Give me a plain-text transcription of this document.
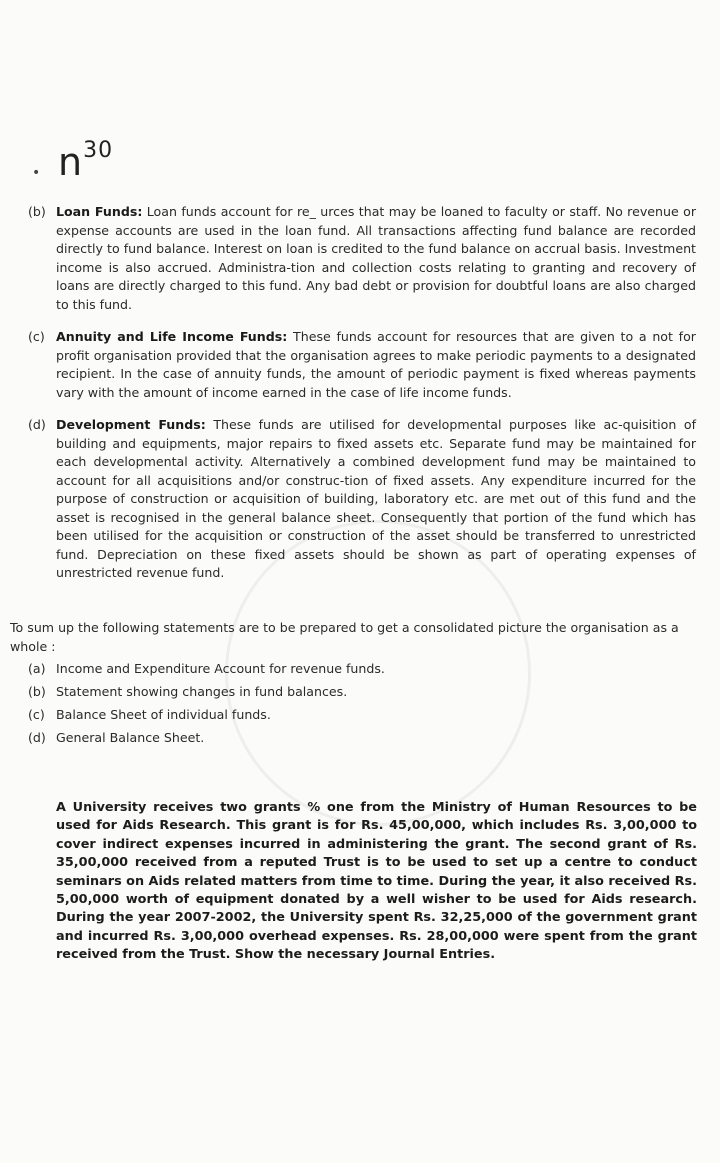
• $n^{30}$
(b) Loan Funds: Loan funds account for re_ urces that may be loaned to faculty or staff. No revenue or expense accounts are used in the loan fund. All transactions affecting fund balance are recorded directly to fund balance. Interest on loan is credited to the fund balance on accrual basis. Investment income is also accrued. Administra-tion and collection costs relating to granting and recovery of loans are directly charged to this fund. Any bad debt or provision for doubtful loans are also charged to this fund.
(c) Annuity and Life Income Funds: These funds account for resources that are given to a not for profit organisation provided that the organisation agrees to make periodic payments to a designated recipient. In the case of annuity funds, the amount of periodic payment is fixed whereas payments vary with the amount of income earned in the case of life income funds.
(d) Development Funds: These funds are utilised for developmental purposes like ac-quisition of building and equipments, major repairs to fixed assets etc. Separate fund may be maintained for each developmental activity. Alternatively a combined development fund may be maintained to account for all acquisitions and/or construc-tion of fixed assets. Any expenditure incurred for the purpose of construction or acquisition of building, laboratory etc. are met out of this fund and the asset is recognised in the general balance sheet. Consequently that portion of the fund which has been utilised for the acquisition or construction of the asset should be transferred to unrestricted fund. Depreciation on these fixed assets should be shown as part of operating expenses of unrestricted revenue fund.
To sum up the following statements are to be prepared to get a consolidated picture the organisation as a whole :
(a) Income and Expenditure Account for revenue funds.
(b) Statement showing changes in fund balances.
(c) Balance Sheet of individual funds.
(d) General Balance Sheet.
A University receives two grants % one from the Ministry of Human Resources to be used for Aids Research. This grant is for Rs. 45,00,000, which includes Rs. 3,00,000 to cover indirect expenses incurred in administering the grant. The second grant of Rs. 35,00,000 received from a reputed Trust is to be used to set up a centre to conduct seminars on Aids related matters from time to time. During the year, it also received Rs. 5,00,000 worth of equipment donated by a well wisher to be used for Aids research. During the year 2007-2002, the University spent Rs. 32,25,000 of the government grant and incurred Rs. 3,00,000 overhead expenses. Rs. 28,00,000 were spent from the grant received from the Trust. Show the necessary Journal Entries.
